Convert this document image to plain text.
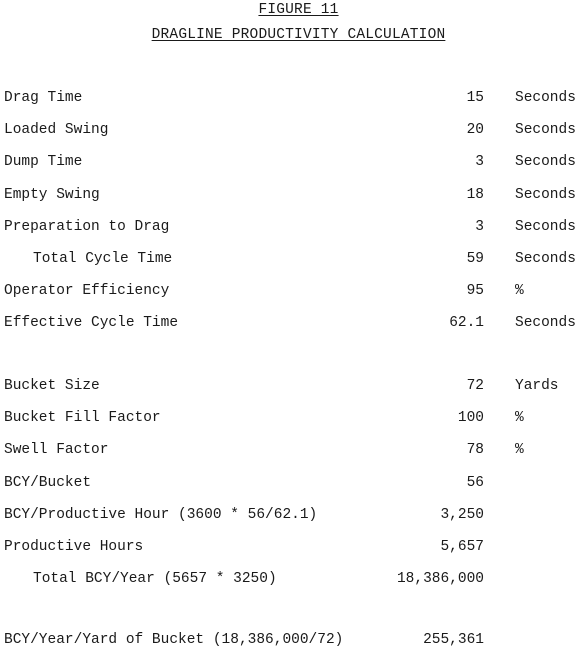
FIGURE 11
DRAGLINE PRODUCTIVITY CALCULATION
Drag Time	15 Seconds
Loaded Swing	20 Seconds
Dump Time	3 Seconds
Empty Swing	18 Seconds
Preparation to Drag	3 Seconds
Total Cycle Time	59 Seconds
Operator Efficiency	95 %
Effective Cycle Time	62.1 Seconds
Bucket Size	72 Yards
Bucket Fill Factor	100 %
Swell Factor	78 %
BCY/Bucket	56
BCY/Productive Hour (3600 * 56/62.1)	3,250
Productive Hours	5,657
Total BCY/Year (5657 * 3250)	18,386,000
BCY/Year/Yard of Bucket (18,386,000/72)	255,361
